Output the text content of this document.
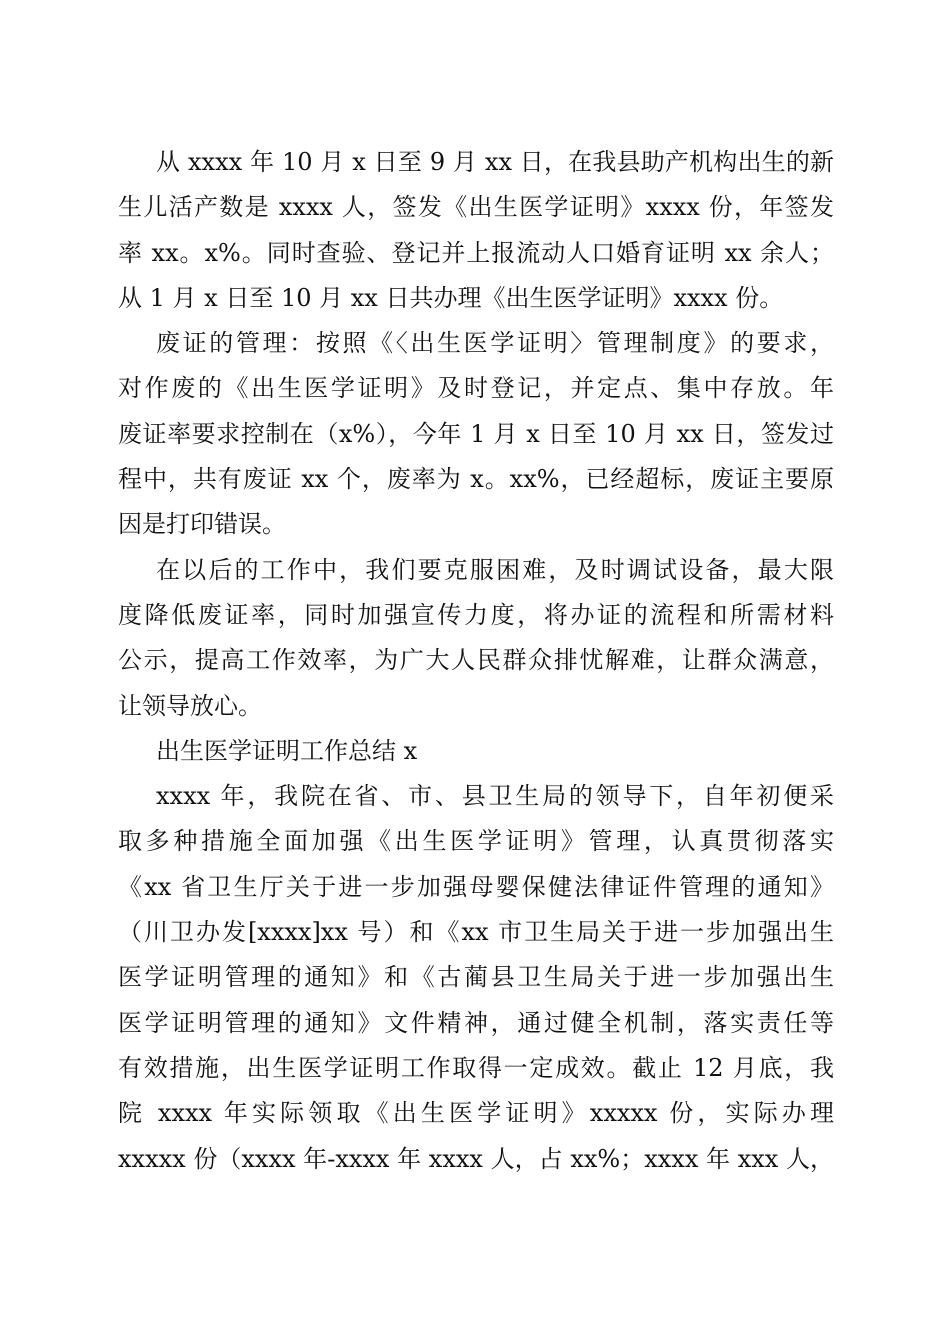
从 xxxx 年 10 月 x 日至 9 月 xx 日，在我县助产机构出生的新
生儿活产数是 xxxx 人，签发《出生医学证明》xxxx 份，年签发
率 xx。x%。同时查验、登记并上报流动人口婚育证明 xx 余人；
从 1 月 x 日至 10 月 xx 日共办理《出生医学证明》xxxx 份。
废证的管理：按照《〈出生医学证明〉管理制度》的要求，
对作废的《出生医学证明》及时登记，并定点、集中存放。年
废证率要求控制在（x%），今年 1 月 x 日至 10 月 xx 日，签发过
程中，共有废证 xx 个，废率为 x。xx%，已经超标，废证主要原
因是打印错误。
在以后的工作中，我们要克服困难，及时调试设备，最大限
度降低废证率，同时加强宣传力度，将办证的流程和所需材料
公示，提高工作效率，为广大人民群众排忧解难，让群众满意，
让领导放心。
出生医学证明工作总结 x
xxxx 年，我院在省、市、县卫生局的领导下，自年初便采
取多种措施全面加强《出生医学证明》管理，认真贯彻落实
《xx 省卫生厅关于进一步加强母婴保健法律证件管理的通知》
（川卫办发[xxxx]xx 号）和《xx 市卫生局关于进一步加强出生
医学证明管理的通知》和《古蔺县卫生局关于进一步加强出生
医学证明管理的通知》文件精神，通过健全机制，落实责任等
有效措施，出生医学证明工作取得一定成效。截止 12 月底，我
院 xxxx 年实际领取《出生医学证明》xxxxx 份，实际办理
xxxxx 份（xxxx 年-xxxx 年 xxxx 人，占 xx%；xxxx 年 xxx 人，
